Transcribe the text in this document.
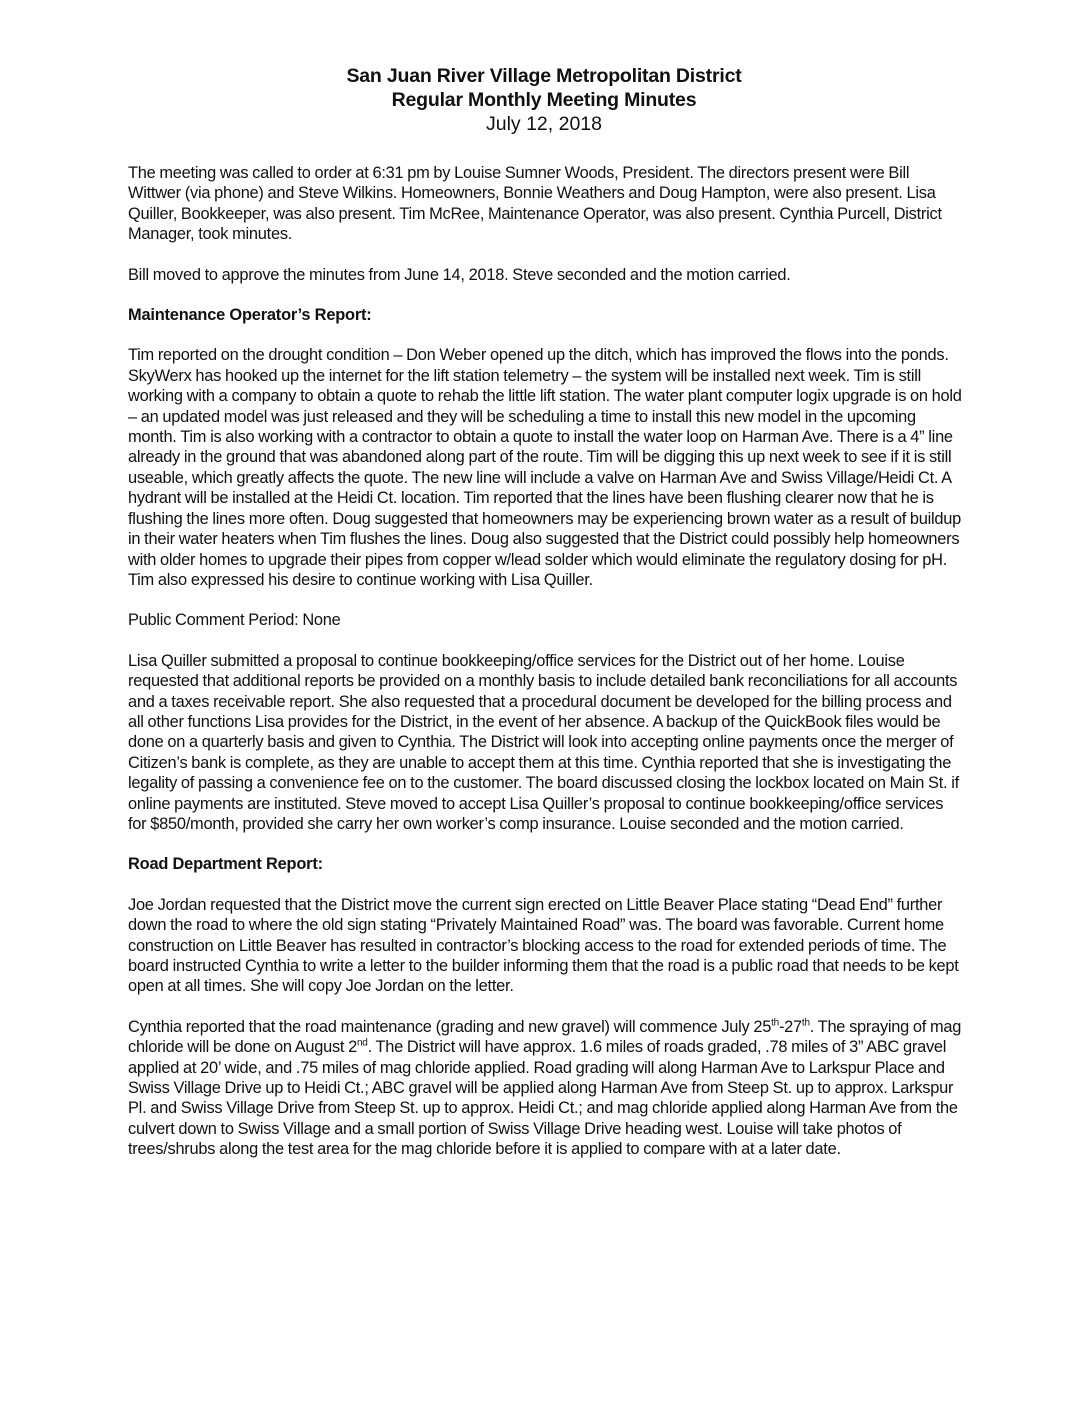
San Juan River Village Metropolitan District
Regular Monthly Meeting Minutes
July 12, 2018

The meeting was called to order at 6:31 pm by Louise Sumner Woods, President. The directors present were Bill Wittwer (via phone) and Steve Wilkins. Homeowners, Bonnie Weathers and Doug Hampton, were also present. Lisa Quiller, Bookkeeper, was also present. Tim McRee, Maintenance Operator, was also present. Cynthia Purcell, District Manager, took minutes.

Bill moved to approve the minutes from June 14, 2018. Steve seconded and the motion carried.

Maintenance Operator’s Report:

Tim reported on the drought condition – Don Weber opened up the ditch, which has improved the flows into the ponds. SkyWerx has hooked up the internet for the lift station telemetry – the system will be installed next week. Tim is still working with a company to obtain a quote to rehab the little lift station. The water plant computer logix upgrade is on hold – an updated model was just released and they will be scheduling a time to install this new model in the upcoming month. Tim is also working with a contractor to obtain a quote to install the water loop on Harman Ave. There is a 4” line already in the ground that was abandoned along part of the route. Tim will be digging this up next week to see if it is still useable, which greatly affects the quote. The new line will include a valve on Harman Ave and Swiss Village/Heidi Ct. A hydrant will be installed at the Heidi Ct. location. Tim reported that the lines have been flushing clearer now that he is flushing the lines more often. Doug suggested that homeowners may be experiencing brown water as a result of buildup in their water heaters when Tim flushes the lines. Doug also suggested that the District could possibly help homeowners with older homes to upgrade their pipes from copper w/lead solder which would eliminate the regulatory dosing for pH. Tim also expressed his desire to continue working with Lisa Quiller.

Public Comment Period: None

Lisa Quiller submitted a proposal to continue bookkeeping/office services for the District out of her home. Louise requested that additional reports be provided on a monthly basis to include detailed bank reconciliations for all accounts and a taxes receivable report. She also requested that a procedural document be developed for the billing process and all other functions Lisa provides for the District, in the event of her absence. A backup of the QuickBook files would be done on a quarterly basis and given to Cynthia. The District will look into accepting online payments once the merger of Citizen’s bank is complete, as they are unable to accept them at this time. Cynthia reported that she is investigating the legality of passing a convenience fee on to the customer. The board discussed closing the lockbox located on Main St. if online payments are instituted. Steve moved to accept Lisa Quiller’s proposal to continue bookkeeping/office services for $850/month, provided she carry her own worker’s comp insurance. Louise seconded and the motion carried.

Road Department Report:

Joe Jordan requested that the District move the current sign erected on Little Beaver Place stating “Dead End” further down the road to where the old sign stating “Privately Maintained Road” was. The board was favorable. Current home construction on Little Beaver has resulted in contractor’s blocking access to the road for extended periods of time. The board instructed Cynthia to write a letter to the builder informing them that the road is a public road that needs to be kept open at all times. She will copy Joe Jordan on the letter.

Cynthia reported that the road maintenance (grading and new gravel) will commence July 25th-27th. The spraying of mag chloride will be done on August 2nd. The District will have approx. 1.6 miles of roads graded, .78 miles of 3” ABC gravel applied at 20’ wide, and .75 miles of mag chloride applied. Road grading will along Harman Ave to Larkspur Place and Swiss Village Drive up to Heidi Ct.; ABC gravel will be applied along Harman Ave from Steep St. up to approx. Larkspur Pl. and Swiss Village Drive from Steep St. up to approx. Heidi Ct.; and mag chloride applied along Harman Ave from the culvert down to Swiss Village and a small portion of Swiss Village Drive heading west. Louise will take photos of trees/shrubs along the test area for the mag chloride before it is applied to compare with at a later date.
